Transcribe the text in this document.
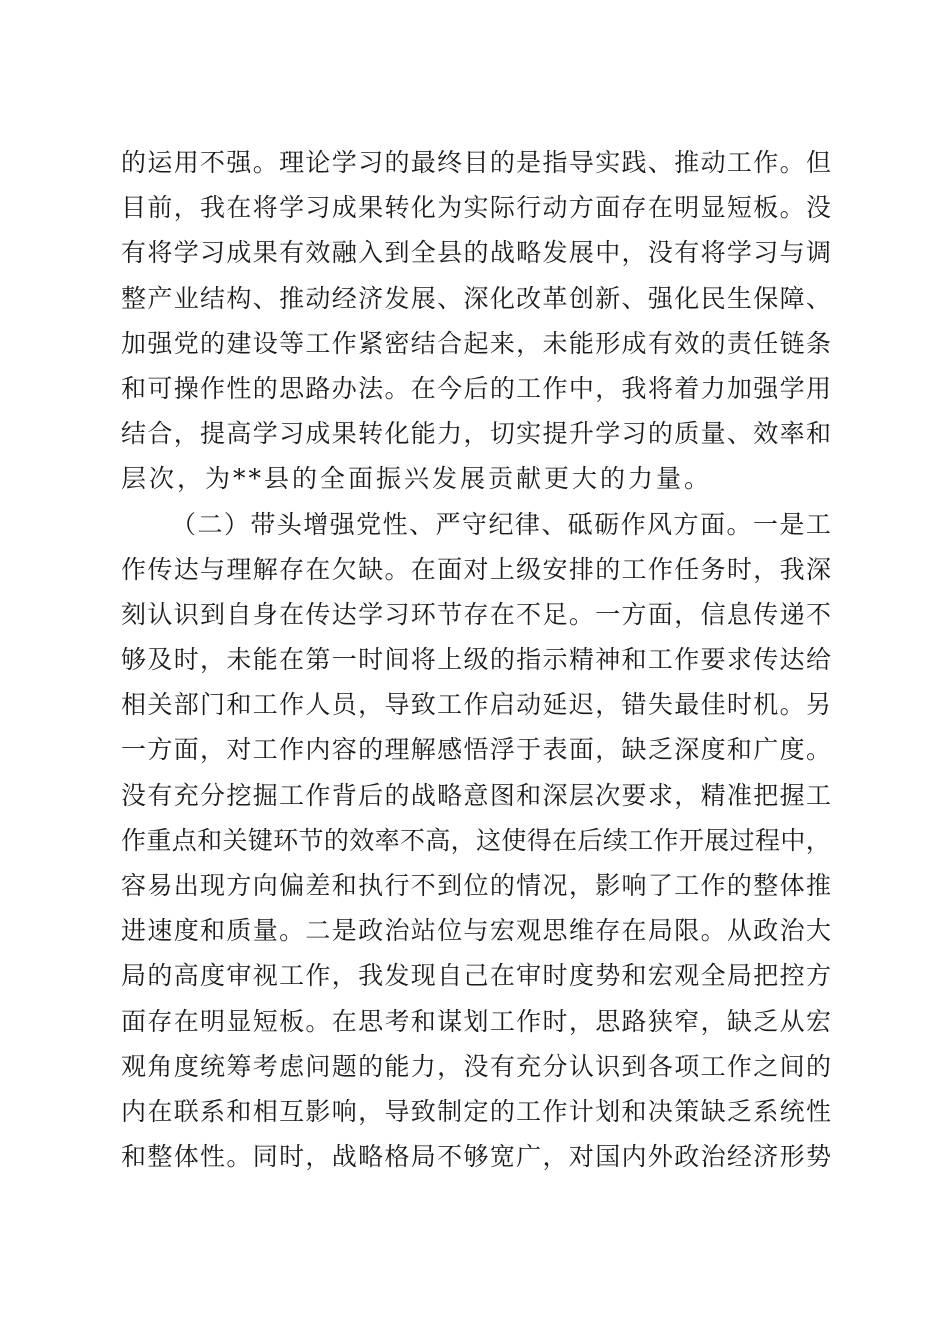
的 运 用 不 强 。 理 论 学 习 的 最 终 目 的 是 指 导 实 践 、 推 动 工 作 。 但
目 前 ， 我 在 将 学 习 成 果 转 化 为 实 际 行 动 方 面 存 在 明 显 短 板 。 没
有 将 学 习 成 果 有 效 融 入 到 全 县 的 战 略 发 展 中 ， 没 有 将 学 习 与 调
整 产 业 结 构 、 推 动 经 济 发 展 、 深 化 改 革 创 新 、 强 化 民 生 保 障 、
加 强 党 的 建 设 等 工 作 紧 密 结 合 起 来 ， 未 能 形 成 有 效 的 责 任 链 条
和 可 操 作 性 的 思 路 办 法 。 在 今 后 的 工 作 中 ， 我 将 着 力 加 强 学 用
结 合 ， 提 高 学 习 成 果 转 化 能 力 ， 切 实 提 升 学 习 的 质 量 、 效 率 和
层次，为**县的全面振兴发展贡献更大的力量。
（ 二 ） 带 头 增 强 党 性 、 严 守 纪 律 、 砥 砺 作 风 方 面 。 一 是 工
作 传 达 与 理 解 存 在 欠 缺 。 在 面 对 上 级 安 排 的 工 作 任 务 时 ， 我 深
刻 认 识 到 自 身 在 传 达 学 习 环 节 存 在 不 足 。 一 方 面 ， 信 息 传 递 不
够 及 时 ， 未 能 在 第 一 时 间 将 上 级 的 指 示 精 神 和 工 作 要 求 传 达 给
相 关 部 门 和 工 作 人 员 ， 导 致 工 作 启 动 延 迟 ， 错 失 最 佳 时 机 。 另
一 方 面 ， 对 工 作 内 容 的 理 解 感 悟 浮 于 表 面 ， 缺 乏 深 度 和 广 度 。
没 有 充 分 挖 掘 工 作 背 后 的 战 略 意 图 和 深 层 次 要 求 ， 精 准 把 握 工
作 重 点 和 关 键 环 节 的 效 率 不 高 ， 这 使 得 在 后 续 工 作 开 展 过 程 中 ，
容 易 出 现 方 向 偏 差 和 执 行 不 到 位 的 情 况 ， 影 响 了 工 作 的 整 体 推
进 速 度 和 质 量 。 二 是 政 治 站 位 与 宏 观 思 维 存 在 局 限 。 从 政 治 大
局 的 高 度 审 视 工 作 ， 我 发 现 自 己 在 审 时 度 势 和 宏 观 全 局 把 控 方
面 存 在 明 显 短 板 。 在 思 考 和 谋 划 工 作 时 ， 思 路 狭 窄 ， 缺 乏 从 宏
观 角 度 统 筹 考 虑 问 题 的 能 力 ， 没 有 充 分 认 识 到 各 项 工 作 之 间 的
内 在 联 系 和 相 互 影 响 ， 导 致 制 定 的 工 作 计 划 和 决 策 缺 乏 系 统 性
和 整 体 性 。 同 时 ， 战 略 格 局 不 够 宽 广 ， 对 国 内 外 政 治 经 济 形 势
